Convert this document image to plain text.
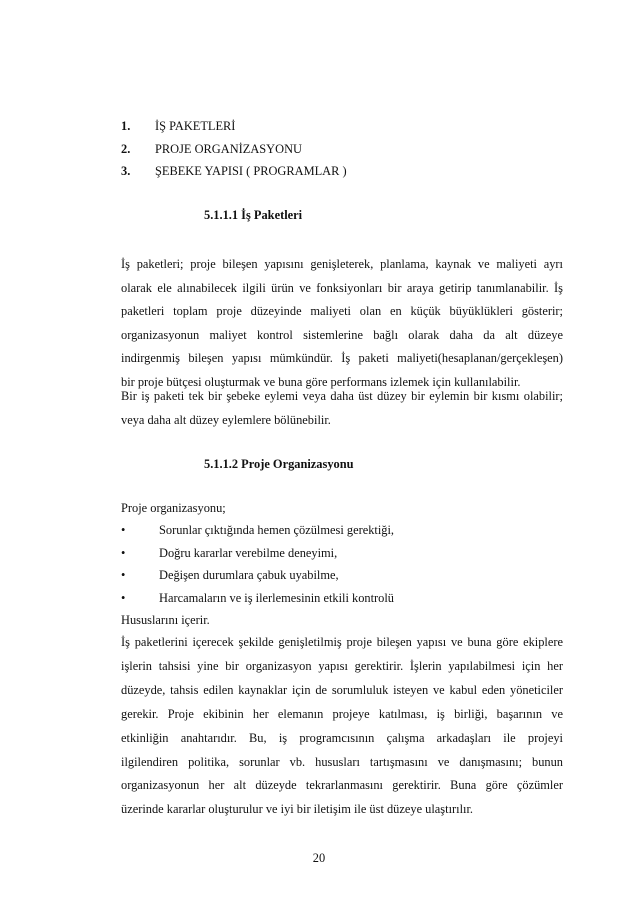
1. İŞ PAKETLERİ
2. PROJE ORGANİZASYONU
3. ŞEBEKE YAPISI ( PROGRAMLAR )
5.1.1.1 İş Paketleri
İş paketleri; proje bileşen yapısını genişleterek, planlama, kaynak ve maliyeti ayrı
olarak ele alınabilecek ilgili ürün ve fonksiyonları bir araya getirip tanımlanabilir. İş
paketleri toplam proje düzeyinde maliyeti olan en küçük büyüklükleri gösterir;
organizasyonun maliyet kontrol sistemlerine bağlı olarak daha da alt düzeye
indirgenmiş bileşen yapısı mümkündür. İş paketi maliyeti(hesaplanan/gerçekleşen)
bir proje bütçesi oluşturmak ve buna göre performans izlemek için kullanılabilir.
Bir iş paketi tek bir şebeke eylemi veya daha üst düzey bir eylemin bir kısmı olabilir;
veya daha alt düzey eylemlere bölünebilir.
5.1.1.2 Proje Organizasyonu
Proje organizasyonu;
•	Sorunlar çıktığında hemen çözülmesi gerektiği,
•	Doğru kararlar verebilme deneyimi,
•	Değişen durumlara çabuk uyabilme,
•	Harcamaların ve iş ilerlemesinin etkili kontrolü
Hususlarını içerir.
İş paketlerini içerecek şekilde genişletilmiş proje bileşen yapısı ve buna göre ekiplere
işlerin tahsisi yine bir organizasyon yapısı gerektirir. İşlerin yapılabilmesi için her
düzeyde, tahsis edilen kaynaklar için de sorumluluk isteyen ve kabul eden yöneticiler
gerekir. Proje ekibinin her elemanın projeye katılması, iş birliği, başarının ve
etkinliğin anahtarıdır. Bu, iş programcısının çalışma arkadaşları ile projeyi
ilgilendiren politika, sorunlar vb. hususları tartışmasını ve danışmasını; bunun
organizasyonun her alt düzeyde tekrarlanmasını gerektirir. Buna göre çözümler
üzerinde kararlar oluşturulur ve iyi bir iletişim ile üst düzeye ulaştırılır.
20
